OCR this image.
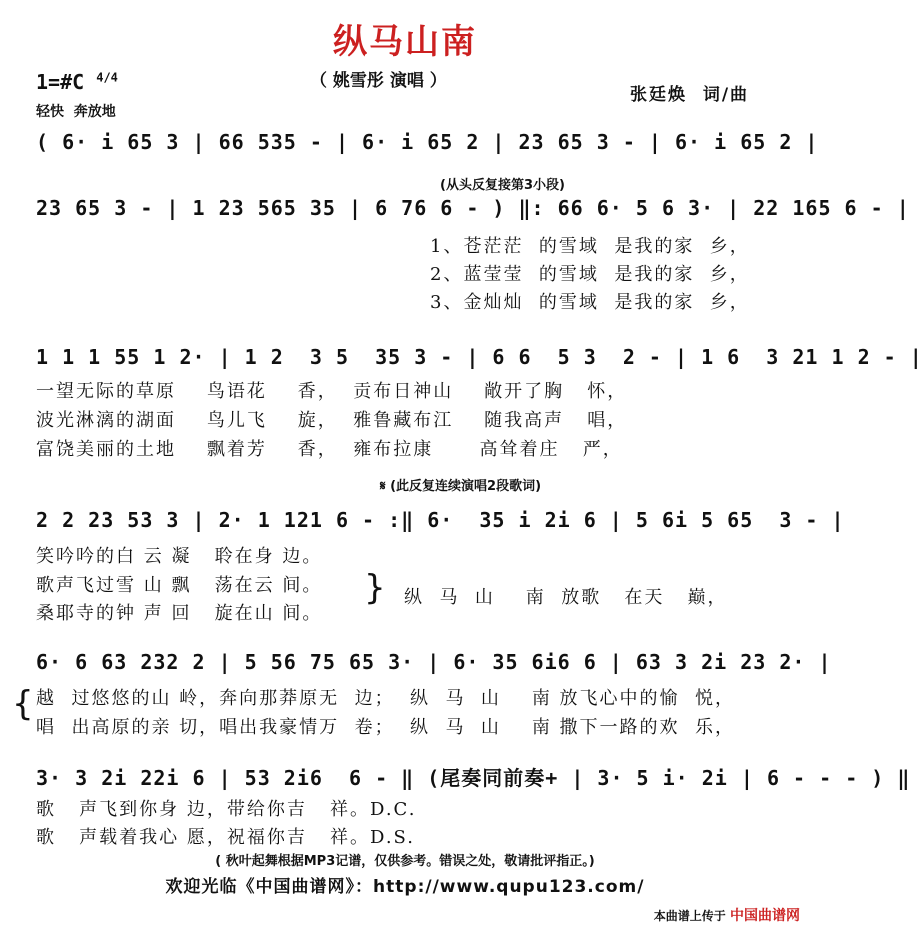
纵马山南
（ 姚雪彤 演唱 ）
张廷焕  词/曲
1=#C $^{4/4}$
轻快  奔放地
( 6· i 65 3 | 66 535 - | 6· i 65 2 | 23 65 3 - | 6· i 65 2 |
(从头反复接第3小段)
23 65 3 - | 1 23 565 35 | 6 76 6 - ) ‖: 66 6· 5 6 3· | 22 165 6 - |
1、苍茫茫  的雪域  是我的家  乡，
2、蓝莹莹  的雪域  是我的家  乡，
3、金灿灿  的雪域  是我的家  乡，
1 1 1 55 1 2· | 1 2  3 5  35 3 - | 6 6  5 3  2 - | 1 6  3 21 1 2 - |
一望无际的草原    鸟语花    香，  贡布日神山    敞开了胸   怀，
波光淋漓的湖面    鸟儿飞    旋，  雅鲁藏布江    随我高声   唱，
富饶美丽的土地    飘着芳    香，  雍布拉康      高耸着庄   严，
𝄋 (此反复连续演唱2段歌词)
2 2 23 53 3 | 2· 1 121 6 - :‖ 6·  35 i 2i 6 | 5 6i 5 65  3 - |
笑吟吟的白 云 凝   聆在身 边。
歌声飞过雪 山 飘   荡在云 间。
桑耶寺的钟 声 回   旋在山 间。
} 纵  马  山    南  放歌   在天   巅，
6· 6 63 232 2 | 5 56 75 65 3· | 6· 35 6i6 6 | 63 3 2i 23 2· |
{ 越  过悠悠的山 岭，奔向那莽原无  边；  纵  马  山    南 放飞心中的愉  悦，
唱  出高原的亲 切，唱出我豪情万  卷；  纵  马  山    南 撒下一路的欢  乐，
3· 3 2i 22i 6 | 53 2i6  6 - ‖ (尾奏同前奏+ | 3· 5 i· 2i | 6 - - - ) ‖
歌   声飞到你身 边，带给你吉   祥。D.C.
歌   声载着我心 愿，祝福你吉   祥。D.S.
( 秋叶起舞根据MP3记谱，仅供参考。错误之处，敬请批评指正。)
欢迎光临《中国曲谱网》：http://www.qupu123.com/
本曲谱上传于 中国曲谱网
